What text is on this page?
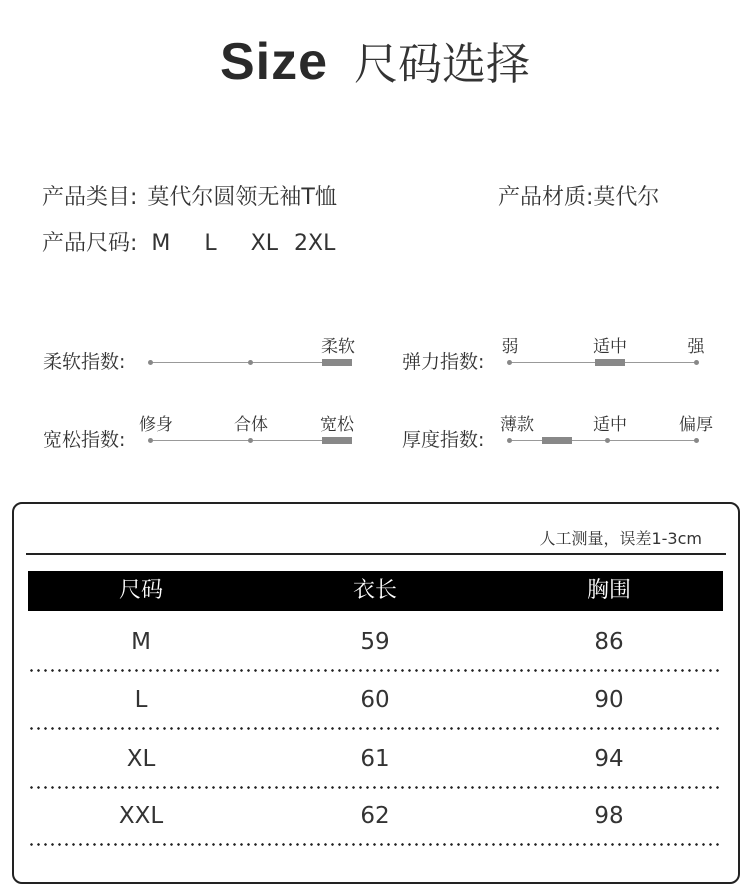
Size 尺码选择
产品类目: 莫代尔圆领无袖T恤	产品材质:莫代尔
产品尺码: M L XL 2XL
柔软指数:
柔软
弹力指数:
弱	适中	强
宽松指数:
修身	合体	宽松
厚度指数:
薄款	适中	偏厚
人工测量，误差1-3cm
尺码	衣长	胸围
M	59	86
L	60	90
XL	61	94
XXL	62	98
